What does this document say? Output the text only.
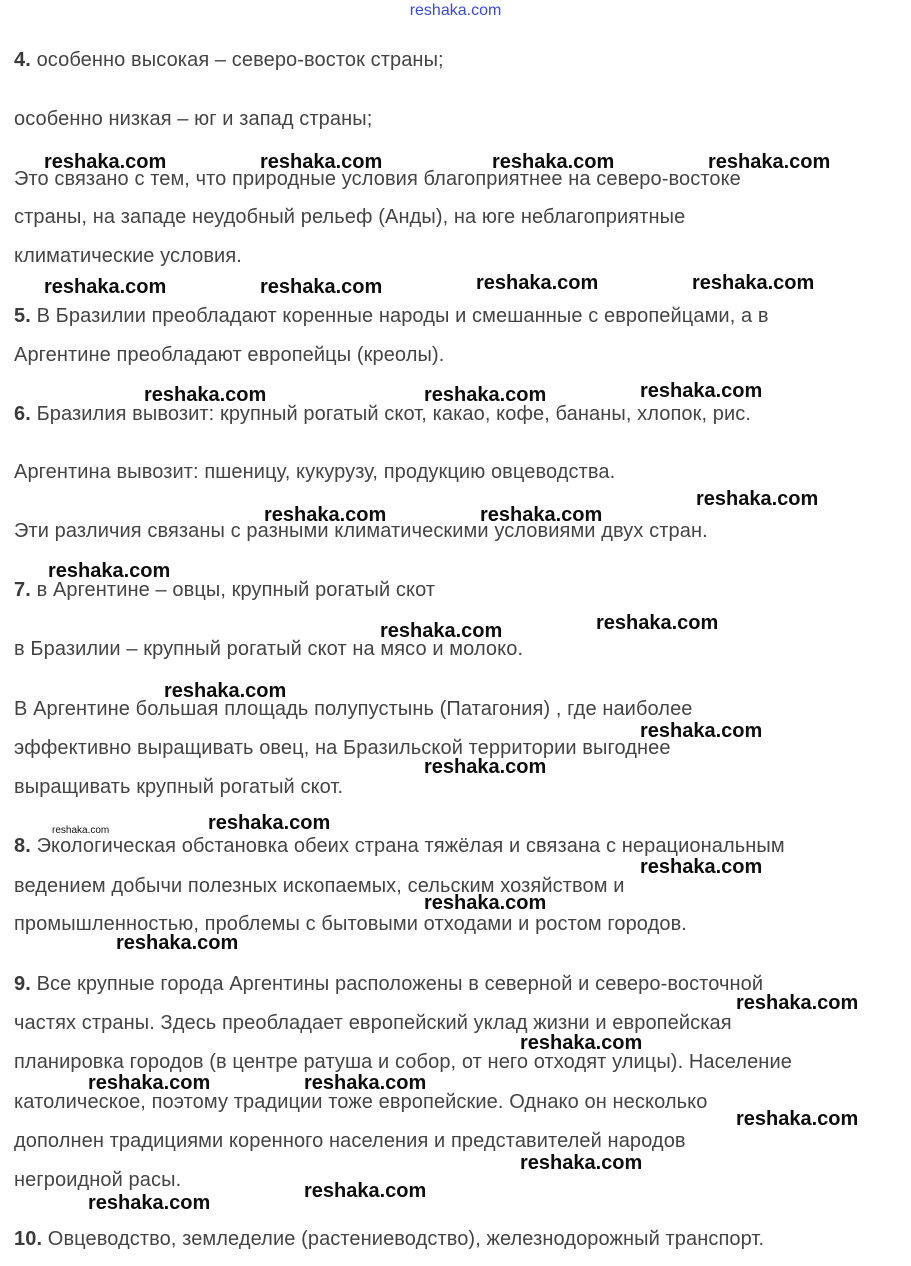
reshaka.com
4. особенно высокая – северо-восток страны;
особенно низкая – юг и запад страны;
Это связано с тем, что природные условия благоприятнее на северо-востоке
страны, на западе неудобный рельеф (Анды), на юге неблагоприятные
климатические условия.
5. В Бразилии преобладают коренные народы и смешанные с европейцами, а в
Аргентине преобладают европейцы (креолы).
6. Бразилия вывозит: крупный рогатый скот, какао, кофе, бананы, хлопок, рис.
Аргентина вывозит: пшеницу, кукурузу, продукцию овцеводства.
Эти различия связаны с разными климатическими условиями двух стран.
7. в Аргентине – овцы, крупный рогатый скот
в Бразилии – крупный рогатый скот на мясо и молоко.
В Аргентине большая площадь полупустынь (Патагония) , где наиболее
эффективно выращивать овец, на Бразильской территории выгоднее
выращивать крупный рогатый скот.
8. Экологическая обстановка обеих страна тяжёлая и связана с нерациональным
ведением добычи полезных ископаемых, сельским хозяйством и
промышленностью, проблемы с бытовыми отходами и ростом городов.
9. Все крупные города Аргентины расположены в северной и северо-восточной
частях страны. Здесь преобладает европейский уклад жизни и европейская
планировка городов (в центре ратуша и собор, от него отходят улицы). Население
католическое, поэтому традиции тоже европейские. Однако он несколько
дополнен традициями коренного населения и представителей народов
негроидной расы.
10. Овцеводство, земледелие (растениеводство), железнодорожный транспорт.
reshaka.com	reshaka.com	reshaka.com	reshaka.com
reshaka.com	reshaka.com	reshaka.com	reshaka.com
reshaka.com	reshaka.com	reshaka.com
reshaka.com
reshaka.com	reshaka.com
reshaka.com
reshaka.com
reshaka.com
reshaka.com
reshaka.com
reshaka.com
reshaka.com	reshaka.com
reshaka.com
reshaka.com
reshaka.com
reshaka.com
reshaka.com
reshaka.com	reshaka.com
reshaka.com
reshaka.com
reshaka.com
reshaka.com
